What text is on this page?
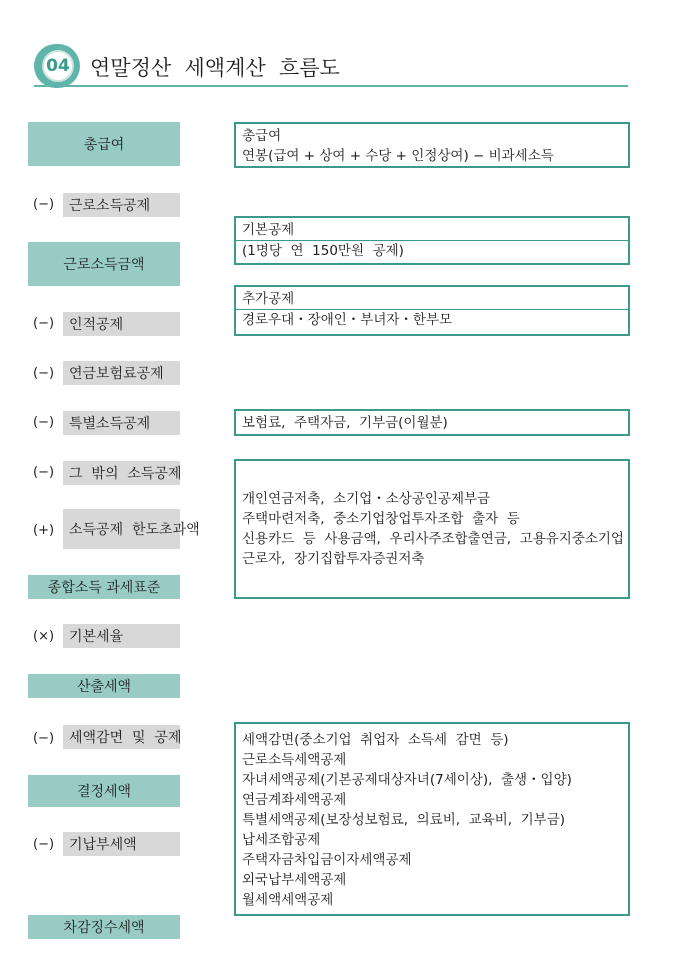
04 연말정산  세액계산  흐름도
총급여
(−)	근로소득공제
근로소득금액
(−)	인적공제
(−)	연금보험료공제
(−)	특별소득공제
(−)	그  밖의  소득공제
(+)	소득공제  한도초과액
종합소득 과세표준
(×)	기본세율
산출세액
(−)	세액감면  및  공제
결정세액
(−)	기납부세액
차감징수세액
총급여
연봉(급여 + 상여 + 수당 + 인정상여) − 비과세소득
기본공제
(1명당  연  150만원  공제)
추가공제
경로우대・장애인・부녀자・한부모
보험료,  주택자금,  기부금(이월분)
개인연금저축,  소기업・소상공인공제부금
주택마련저축,  중소기업창업투자조합  출자  등
신용카드  등  사용금액,  우리사주조합출연금,  고용유지중소기업
근로자,  장기집합투자증권저축
세액감면(중소기업  취업자  소득세  감면  등)
근로소득세액공제
자녀세액공제(기본공제대상자녀(7세이상),  출생・입양)
연금계좌세액공제
특별세액공제(보장성보험료,  의료비,  교육비,  기부금)
납세조합공제
주택자금차입금이자세액공제
외국납부세액공제
월세액세액공제
